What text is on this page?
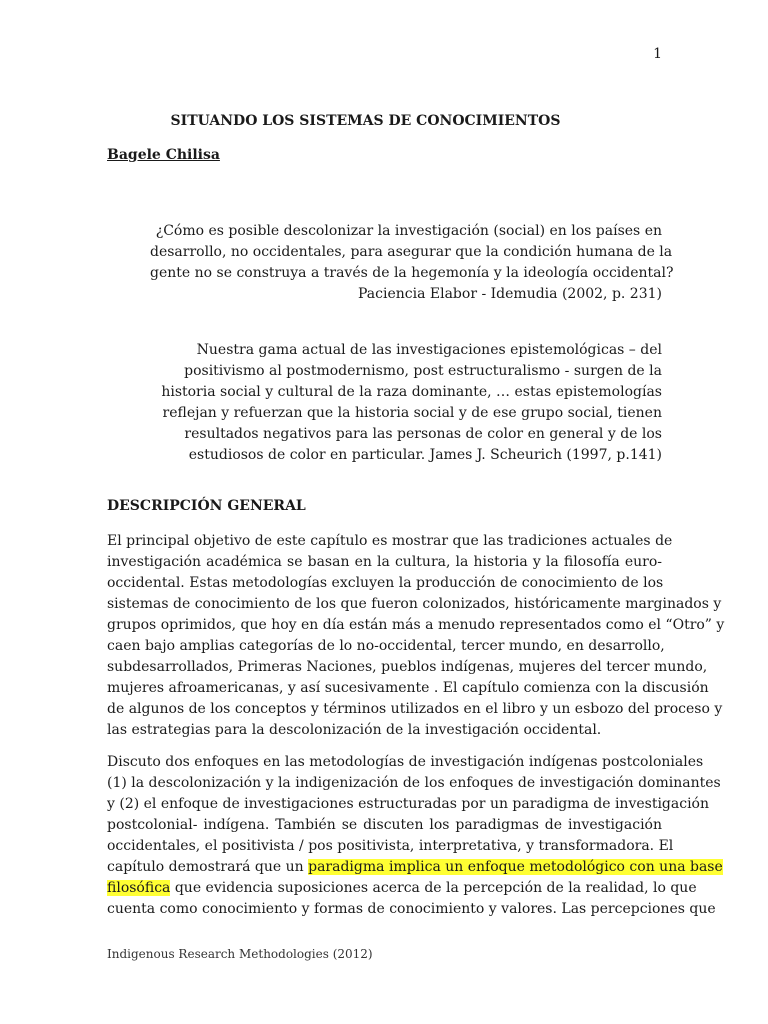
1
SITUANDO LOS SISTEMAS DE CONOCIMIENTOS
Bagele Chilisa
¿Cómo es posible descolonizar la investigación (social) en los países en
desarrollo, no occidentales, para asegurar que la condición humana de la
gente no se construya a través de la hegemonía y la ideología occidental?
Paciencia Elabor - Idemudia (2002, p. 231)
Nuestra gama actual de las investigaciones epistemológicas – del
positivismo al postmodernismo, post estructuralismo - surgen de la
historia social y cultural de la raza dominante, … estas epistemologías
reflejan y refuerzan que la historia social y de ese grupo social, tienen
resultados negativos para las personas de color en general y de los
estudiosos de color en particular. James J. Scheurich (1997, p.141)
DESCRIPCIÓN GENERAL
El principal objetivo de este capítulo es mostrar que las tradiciones actuales de
investigación académica se basan en la cultura, la historia y la filosofía euro-
occidental. Estas metodologías excluyen la producción de conocimiento de los
sistemas de conocimiento de los que fueron colonizados, históricamente marginados y
grupos oprimidos, que hoy en día están más a menudo representados como el “Otro” y
caen bajo amplias categorías de lo no-occidental, tercer mundo, en desarrollo,
subdesarrollados, Primeras Naciones, pueblos indígenas, mujeres del tercer mundo,
mujeres afroamericanas, y así sucesivamente . El capítulo comienza con la discusión
de algunos de los conceptos y términos utilizados en el libro y un esbozo del proceso y
las estrategias para la descolonización de la investigación occidental.
Discuto dos enfoques en las metodologías de investigación indígenas postcoloniales
(1) la descolonización y la indigenización de los enfoques de investigación dominantes
y (2) el enfoque de investigaciones estructuradas por un paradigma de investigación
postcolonial- indígena. También se discuten los paradigmas de investigación
occidentales, el positivista / pos positivista, interpretativa, y transformadora. El
capítulo demostrará que un paradigma implica un enfoque metodológico con una base
filosófica que evidencia suposiciones acerca de la percepción de la realidad, lo que
cuenta como conocimiento y formas de conocimiento y valores. Las percepciones que
Indigenous Research Methodologies (2012)
